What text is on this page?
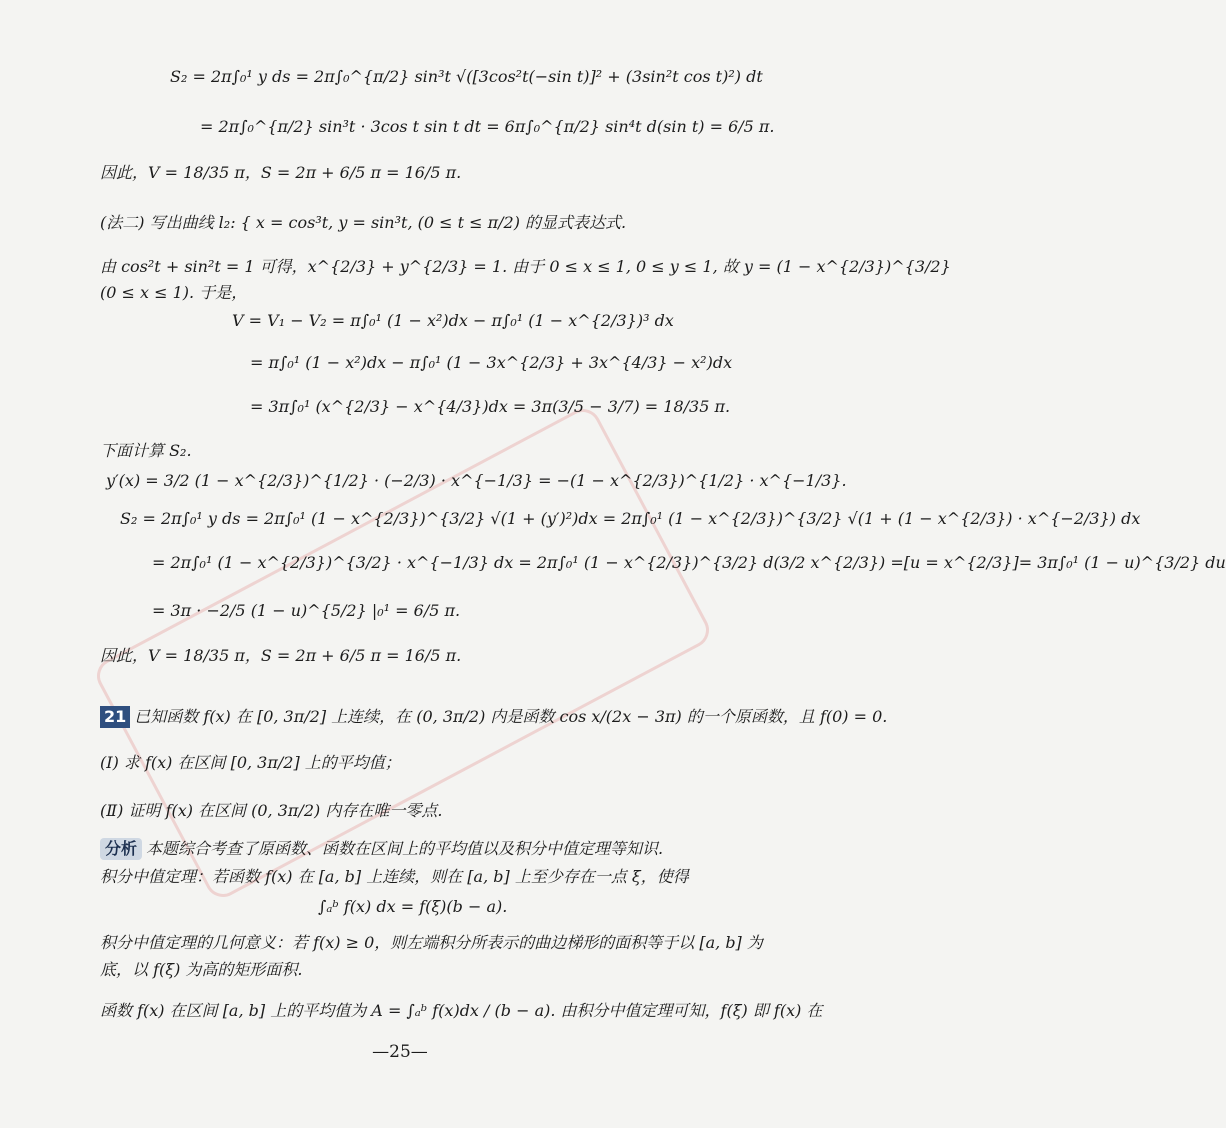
S₂ = 2π∫₀¹ y ds = 2π∫₀^{π/2} sin³t √([3cos²t(−sin t)]² + (3sin²t cos t)²) dt
= 2π∫₀^{π/2} sin³t · 3cos t sin t dt = 6π∫₀^{π/2} sin⁴t d(sin t) = 6/5 π.
因此，V = 18/35 π，S = 2π + 6/5 π = 16/5 π.
(法二) 写出曲线 l₂: { x = cos³t, y = sin³t, (0 ≤ t ≤ π/2) 的显式表达式.
由 cos²t + sin²t = 1 可得，x^{2/3} + y^{2/3} = 1. 由于 0 ≤ x ≤ 1, 0 ≤ y ≤ 1, 故 y = (1 − x^{2/3})^{3/2}
(0 ≤ x ≤ 1). 于是，
V = V₁ − V₂ = π∫₀¹ (1 − x²)dx − π∫₀¹ (1 − x^{2/3})³ dx
= π∫₀¹ (1 − x²)dx − π∫₀¹ (1 − 3x^{2/3} + 3x^{4/3} − x²)dx
= 3π∫₀¹ (x^{2/3} − x^{4/3})dx = 3π(3/5 − 3/7) = 18/35 π.
下面计算 S₂.
y′(x) = 3/2 (1 − x^{2/3})^{1/2} · (−2/3) · x^{−1/3} = −(1 − x^{2/3})^{1/2} · x^{−1/3}.
S₂ = 2π∫₀¹ y ds = 2π∫₀¹ (1 − x^{2/3})^{3/2} √(1 + (y′)²)dx = 2π∫₀¹ (1 − x^{2/3})^{3/2} √(1 + (1 − x^{2/3}) · x^{−2/3}) dx
= 2π∫₀¹ (1 − x^{2/3})^{3/2} · x^{−1/3} dx = 2π∫₀¹ (1 − x^{2/3})^{3/2} d(3/2 x^{2/3}) =[u = x^{2/3}]= 3π∫₀¹ (1 − u)^{3/2} du
= 3π · −2/5 (1 − u)^{5/2} |₀¹ = 6/5 π.
因此，V = 18/35 π，S = 2π + 6/5 π = 16/5 π.
21 已知函数 f(x) 在 [0, 3π/2] 上连续，在 (0, 3π/2) 内是函数 cos x/(2x − 3π) 的一个原函数，且 f(0) = 0.
(Ⅰ) 求 f(x) 在区间 [0, 3π/2] 上的平均值；
(Ⅱ) 证明 f(x) 在区间 (0, 3π/2) 内存在唯一零点.
分析 本题综合考查了原函数、函数在区间上的平均值以及积分中值定理等知识.
积分中值定理：若函数 f(x) 在 [a, b] 上连续，则在 [a, b] 上至少存在一点 ξ，使得
∫ₐᵇ f(x) dx = f(ξ)(b − a).
积分中值定理的几何意义：若 f(x) ≥ 0，则左端积分所表示的曲边梯形的面积等于以 [a, b] 为
底，以 f(ξ) 为高的矩形面积.
函数 f(x) 在区间 [a, b] 上的平均值为 A = ∫ₐᵇ f(x)dx / (b − a). 由积分中值定理可知，f(ξ) 即 f(x) 在
—25—
